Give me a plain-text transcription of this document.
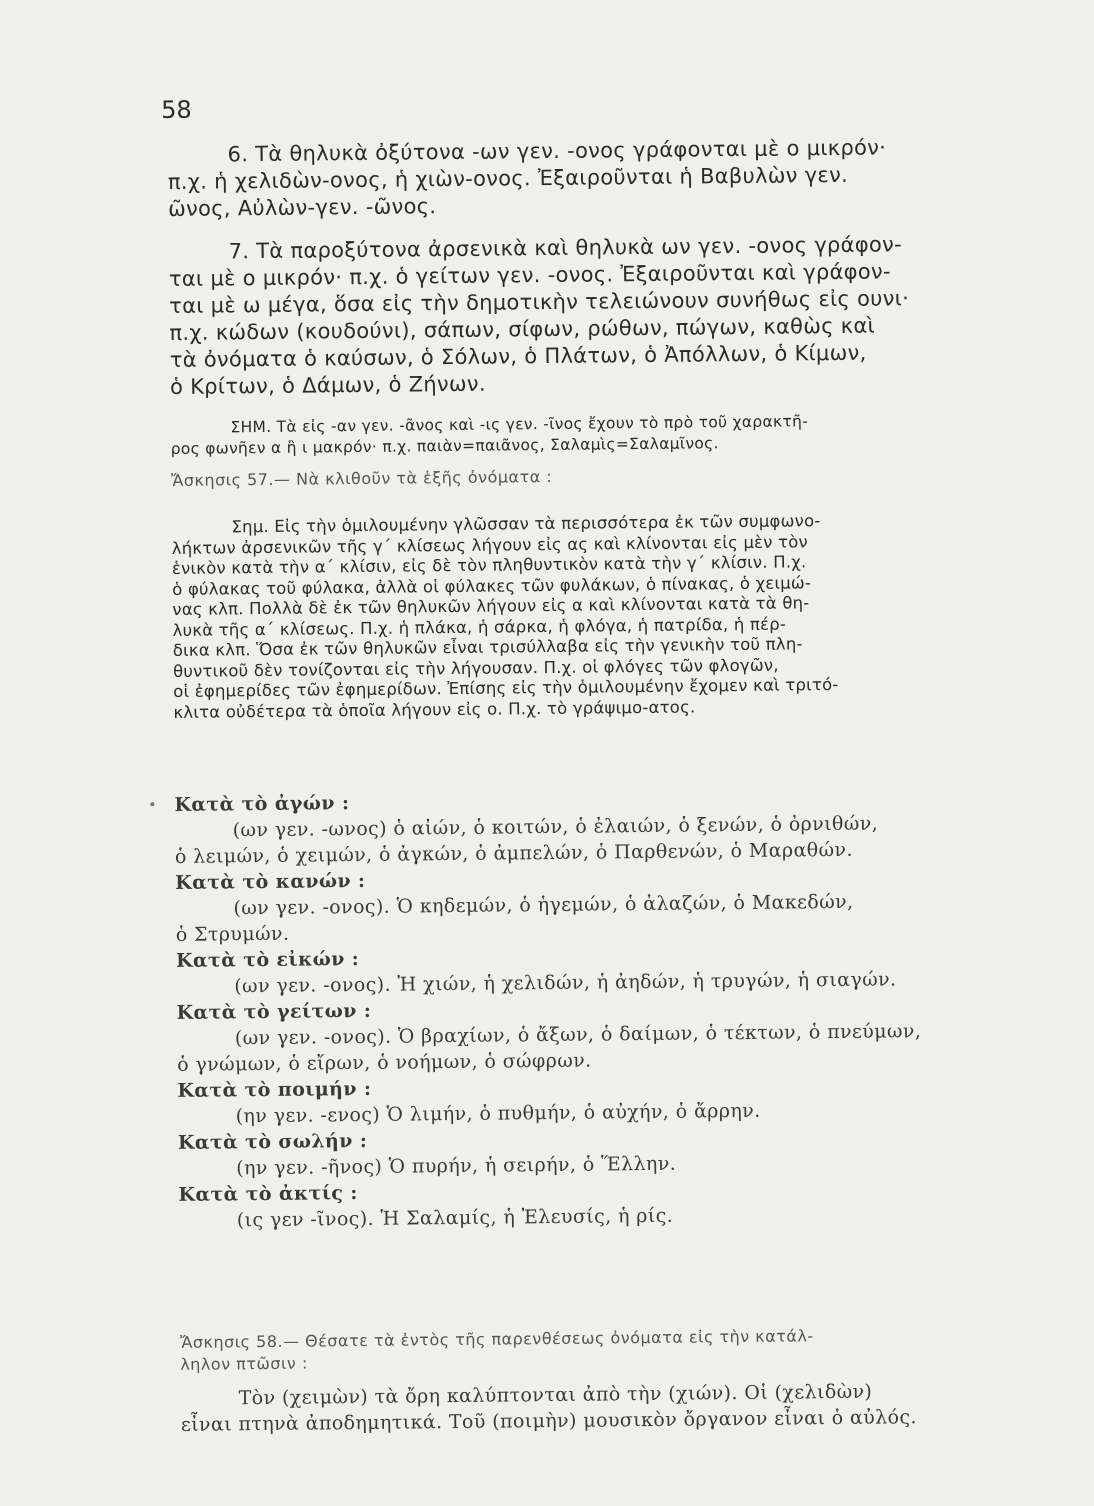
58
6. Τὰ θηλυκὰ ὀξύτονα -ων γεν. -ονος γράφονται μὲ ο μικρόν·
π.χ. ἡ χελιδὼν-ονος, ἡ χιὼν-ονος. Ἐξαιροῦνται ἡ Βαβυλὼν γεν.
ῶνος, Αὐλὼν-γεν. -ῶνος.
7. Τὰ παροξύτονα ἀρσενικὰ καὶ θηλυκὰ ων γεν. -ονος γράφον-
ται μὲ ο μικρόν· π.χ. ὁ γείτων γεν. -ονος. Ἐξαιροῦνται καὶ γράφον-
ται μὲ ω μέγα, ὅσα εἰς τὴν δημοτικὴν τελειώνουν συνήθως εἰς ουνι·
π.χ. κώδων (κουδούνι), σάπων, σίφων, ρώθων, πώγων, καθὼς καὶ
τὰ ὀνόματα ὁ καύσων, ὁ Σόλων, ὁ Πλάτων, ὁ Ἀπόλλων, ὁ Κίμων,
ὁ Κρίτων, ὁ Δάμων, ὁ Ζήνων.
ΣΗΜ. Τὰ εἰς -αν γεν. -ᾶνος καὶ -ις γεν. -ῖνος ἔχουν τὸ πρὸ τοῦ χαρακτῆ-
ρος φωνῆεν α ἢ ι μακρόν· π.χ. παιὰν=παιᾶνος, Σαλαμὶς=Σαλαμῖνος.
Ἄσκησις 57.— Νὰ κλιθοῦν τὰ ἑξῆς ὀνόματα :
Σημ. Εἰς τὴν ὁμιλουμένην γλῶσσαν τὰ περισσότερα ἐκ τῶν συμφωνο-
λήκτων ἀρσενικῶν τῆς γ΄ κλίσεως λήγουν εἰς ας καὶ κλίνονται εἰς μὲν τὸν
ἑνικὸν κατὰ τὴν α΄ κλίσιν, εἰς δὲ τὸν πληθυντικὸν κατὰ τὴν γ΄ κλίσιν. Π.χ.
ὁ φύλακας τοῦ φύλακα, ἀλλὰ οἱ φύλακες τῶν φυλάκων, ὁ πίνακας, ὁ χειμώ-
νας κλπ. Πολλὰ δὲ ἐκ τῶν θηλυκῶν λήγουν εἰς α καὶ κλίνονται κατὰ τὰ θη-
λυκὰ τῆς α΄ κλίσεως. Π.χ. ἡ πλάκα, ἡ σάρκα, ἡ φλόγα, ἡ πατρίδα, ἡ πέρ-
δικα κλπ. Ὅσα ἐκ τῶν θηλυκῶν εἶναι τρισύλλαβα εἰς τὴν γενικὴν τοῦ πλη-
θυντικοῦ δὲν τονίζονται εἰς τὴν λήγουσαν. Π.χ. οἱ φλόγες τῶν φλογῶν,
οἱ ἐφημερίδες τῶν ἐφημερίδων. Ἐπίσης εἰς τὴν ὁμιλουμένην ἔχομεν καὶ τριτό-
κλιτα οὐδέτερα τὰ ὁποῖα λήγουν εἰς ο. Π.χ. τὸ γράψιμο-ατος.
Κατὰ τὸ ἀγών :
(ων γεν. -ωνος) ὁ αἰών, ὁ κοιτών, ὁ ἐλαιών, ὁ ξενών, ὁ ὀρνιθών,
ὁ λειμών, ὁ χειμών, ὁ ἀγκών, ὁ ἀμπελών, ὁ Παρθενών, ὁ Μαραθών.
Κατὰ τὸ κανών :
(ων γεν. -ονος). Ὁ κηδεμών, ὁ ἡγεμών, ὁ ἀλαζών, ὁ Μακεδών,
ὁ Στρυμών.
Κατὰ τὸ εἰκών :
(ων γεν. -ονος). Ἡ χιών, ἡ χελιδών, ἡ ἀηδών, ἡ τρυγών, ἡ σιαγών.
Κατὰ τὸ γείτων :
(ων γεν. -ονος). Ὁ βραχίων, ὁ ἄξων, ὁ δαίμων, ὁ τέκτων, ὁ πνεύμων,
ὁ γνώμων, ὁ εἴρων, ὁ νοήμων, ὁ σώφρων.
Κατὰ τὸ ποιμήν :
(ην γεν. -ενος) Ὁ λιμήν, ὁ πυθμήν, ὁ αὐχήν, ὁ ἄρρην.
Κατὰ τὸ σωλήν :
(ην γεν. -ῆνος) Ὁ πυρήν, ἡ σειρήν, ὁ Ἕλλην.
Κατὰ τὸ ἀκτίς :
(ις γεν -ῖνος). Ἡ Σαλαμίς, ἡ Ἐλευσίς, ἡ ρίς.
Ἄσκησις 58.— Θέσατε τὰ ἐντὸς τῆς παρενθέσεως ὀνόματα εἰς τὴν κατάλ-
ληλον πτῶσιν :
Τὸν (χειμὼν) τὰ ὄρη καλύπτονται ἀπὸ τὴν (χιών). Οἱ (χελιδὼν)
εἶναι πτηνὰ ἀποδημητικά. Τοῦ (ποιμὴν) μουσικὸν ὄργανον εἶναι ὁ αὐλός.
